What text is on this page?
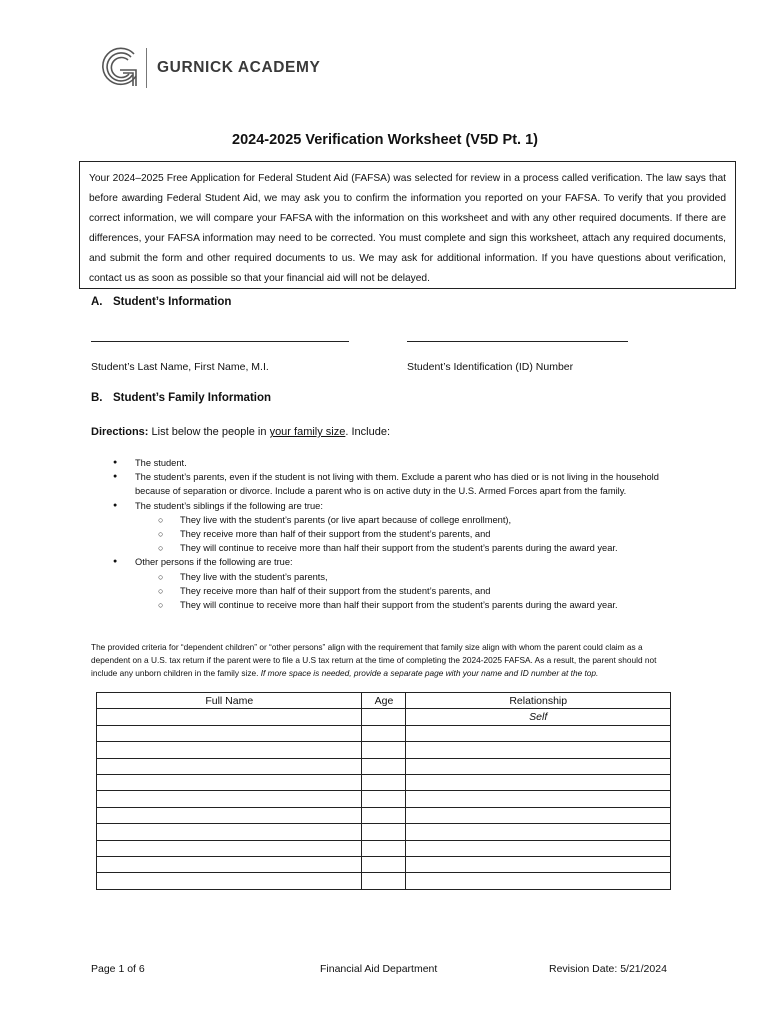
GURNICK ACADEMY
2024-2025 Verification Worksheet (V5D Pt. 1)
Your 2024–2025 Free Application for Federal Student Aid (FAFSA) was selected for review in a process called verification. The law says that before awarding Federal Student Aid, we may ask you to confirm the information you reported on your FAFSA. To verify that you provided correct information, we will compare your FAFSA with the information on this worksheet and with any other required documents. If there are differences, your FAFSA information may need to be corrected. You must complete and sign this worksheet, attach any required documents, and submit the form and other required documents to us. We may ask for additional information. If you have questions about verification, contact us as soon as possible so that your financial aid will not be delayed.
A. Student’s Information
Student’s Last Name, First Name, M.I.	Student’s Identification (ID) Number
B. Student’s Family Information
Directions: List below the people in your family size. Include:
● The student.
● The student’s parents, even if the student is not living with them. Exclude a parent who has died or is not living in the household because of separation or divorce. Include a parent who is on active duty in the U.S. Armed Forces apart from the family.
● The student’s siblings if the following are true:
○ They live with the student’s parents (or live apart because of college enrollment),
○ They receive more than half of their support from the student’s parents, and
○ They will continue to receive more than half their support from the student’s parents during the award year.
● Other persons if the following are true:
○ They live with the student’s parents,
○ They receive more than half of their support from the student’s parents, and
○ They will continue to receive more than half their support from the student’s parents during the award year.
The provided criteria for “dependent children” or “other persons” align with the requirement that family size align with whom the parent could claim as a dependent on a U.S. tax return if the parent were to file a U.S tax return at the time of completing the 2024-2025 FAFSA. As a result, the parent should not include any unborn children in the family size. If more space is needed, provide a separate page with your name and ID number at the top.
Full Name	Age	Relationship
		Self

Page 1 of 6	Financial Aid Department	Revision Date: 5/21/2024
